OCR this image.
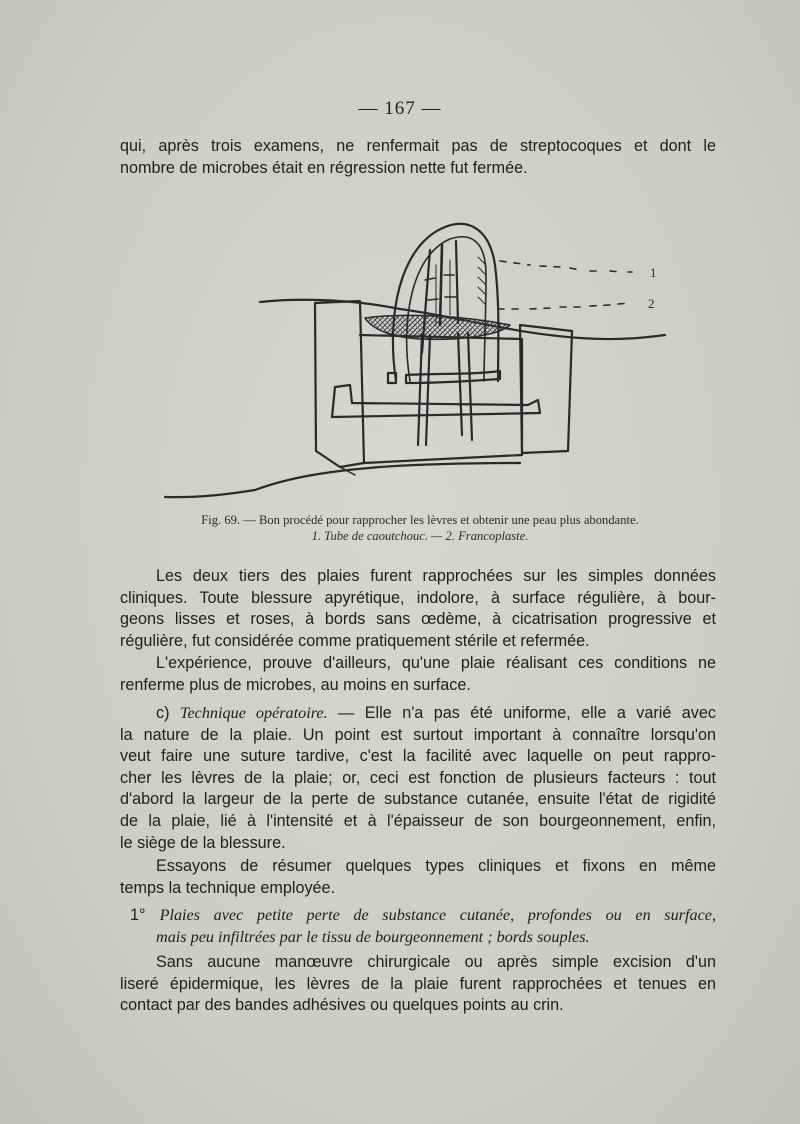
— 167 —
qui, après trois examens, ne renfermait pas de streptocoques et dont le
nombre de microbes était en régression nette fut fermée.
1
2
Fig. 69. — Bon procédé pour rapprocher les lèvres et obtenir une peau plus abondante.
1. Tube de caoutchouc. — 2. Francoplaste.
Les deux tiers des plaies furent rapprochées sur les simples données
cliniques. Toute blessure apyrétique, indolore, à surface régulière, à bour-
geons lisses et roses, à bords sans œdème, à cicatrisation progressive et
régulière, fut considérée comme pratiquement stérile et refermée.
L'expérience, prouve d'ailleurs, qu'une plaie réalisant ces conditions ne
renferme plus de microbes, au moins en surface.
c) Technique opératoire. — Elle n'a pas été uniforme, elle a varié avec
la nature de la plaie. Un point est surtout important à connaître lorsqu'on
veut faire une suture tardive, c'est la facilité avec laquelle on peut rappro-
cher les lèvres de la plaie; or, ceci est fonction de plusieurs facteurs : tout
d'abord la largeur de la perte de substance cutanée, ensuite l'état de rigidité
de la plaie, lié à l'intensité et à l'épaisseur de son bourgeonnement, enfin,
le siège de la blessure.
Essayons de résumer quelques types cliniques et fixons en même
temps la technique employée.
1° Plaies avec petite perte de substance cutanée, profondes ou en surface,
mais peu infiltrées par le tissu de bourgeonnement ; bords souples.
Sans aucune manœuvre chirurgicale ou après simple excision d'un
liseré épidermique, les lèvres de la plaie furent rapprochées et tenues en
contact par des bandes adhésives ou quelques points au crin.
